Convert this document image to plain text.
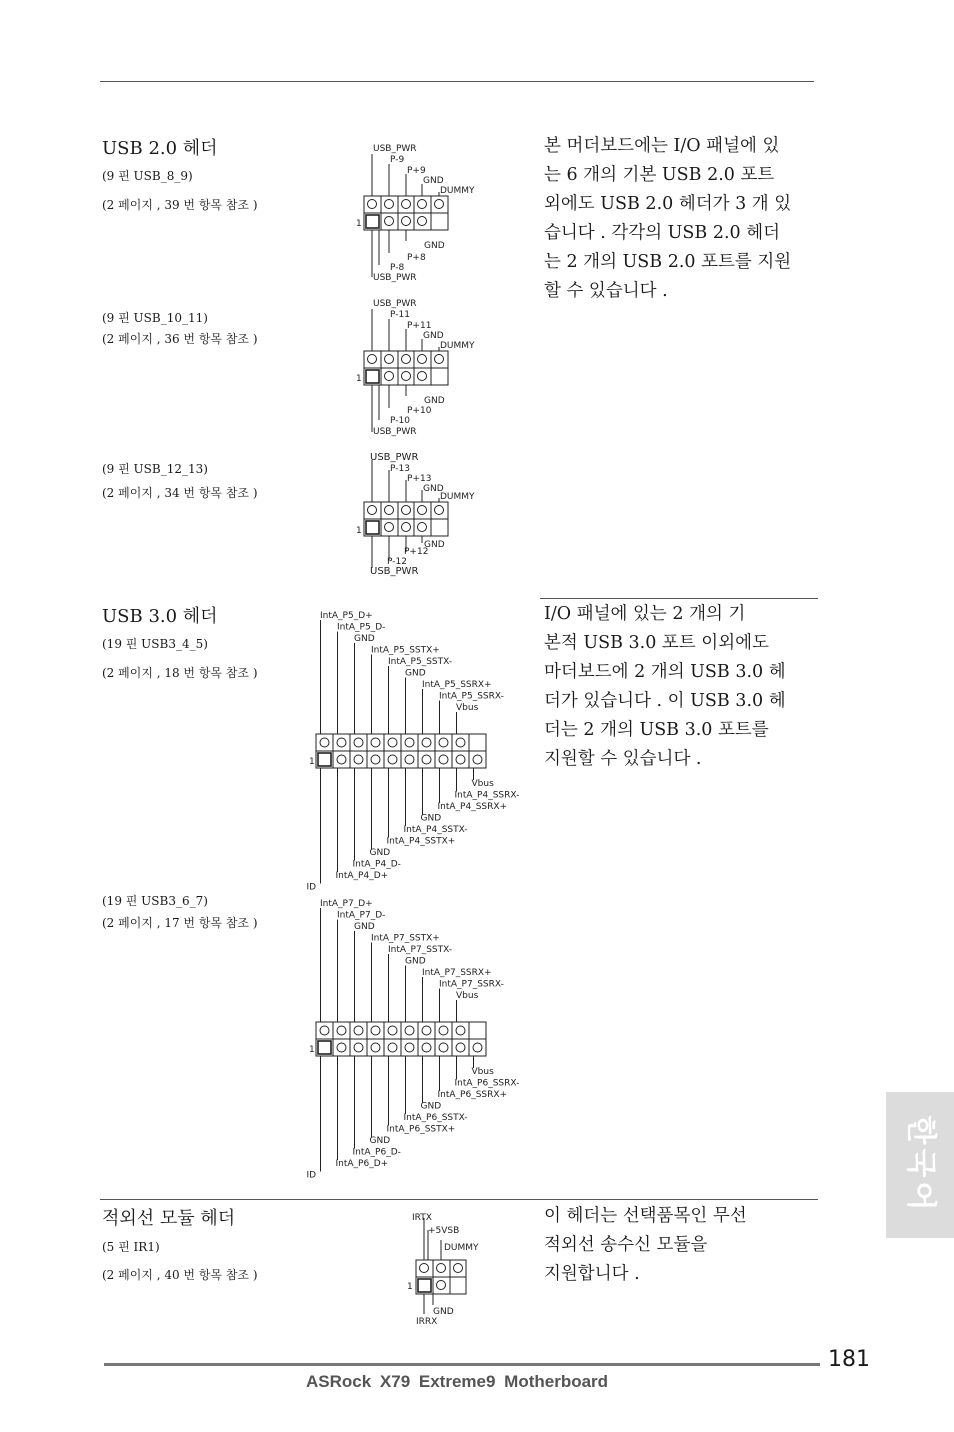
USB 2.0 헤더
(9 핀 USB_8_9)
(2 페이지 , 39 번 항목 참조 )
(9 핀 USB_10_11)
(2 페이지 , 36 번 항목 참조 )
(9 핀 USB_12_13)
(2 페이지 , 34 번 항목 참조 )
본 머더보드에는 I/O 패널에 있
는 6 개의 기본 USB 2.0 포트
외에도 USB 2.0 헤더가 3 개 있
습니다 . 각각의 USB 2.0 헤더
는 2 개의 USB 2.0 포트를 지원
할 수 있습니다 .
USB_PWR
P-9
P+9
GND
DUMMY
GND
P+8
P-8
USB_PWR
1
USB_PWR
P-11
P+11
GND
DUMMY
GND
P+10
P-10
USB_PWR
1
USB_PWR
P-13
P+13
GND
DUMMY
GND
P+12
P-12
USB_PWR
1
USB 3.0 헤더
(19 핀 USB3_4_5)
(2 페이지 , 18 번 항목 참조 )
(19 핀 USB3_6_7)
(2 페이지 , 17 번 항목 참조 )
I/O 패널에 있는 2 개의 기
본적 USB 3.0 포트 이외에도
마더보드에 2 개의 USB 3.0 헤
더가 있습니다 . 이 USB 3.0 헤
더는 2 개의 USB 3.0 포트를
지원할 수 있습니다 .
IntA_P5_D+
IntA_P5_D-
GND
IntA_P5_SSTX+
IntA_P5_SSTX-
GND
IntA_P5_SSRX+
IntA_P5_SSRX-
Vbus
Vbus
IntA_P4_SSRX-
IntA_P4_SSRX+
GND
IntA_P4_SSTX-
IntA_P4_SSTX+
GND
IntA_P4_D-
IntA_P4_D+
ID
1
IntA_P7_D+
IntA_P7_D-
GND
IntA_P7_SSTX+
IntA_P7_SSTX-
GND
IntA_P7_SSRX+
IntA_P7_SSRX-
Vbus
Vbus
IntA_P6_SSRX-
IntA_P6_SSRX+
GND
IntA_P6_SSTX-
IntA_P6_SSTX+
GND
IntA_P6_D-
IntA_P6_D+
ID
1
적외선 모듈 헤더
(5 핀 IR1)
(2 페이지 , 40 번 항목 참조 )
이 헤더는 선택품목인 무선
적외선 송수신 모듈을
지원합니다 .
IRTX
+5VSB
DUMMY
GND
IRRX
1
한국어
181
ASRock X79 Extreme9 Motherboard
